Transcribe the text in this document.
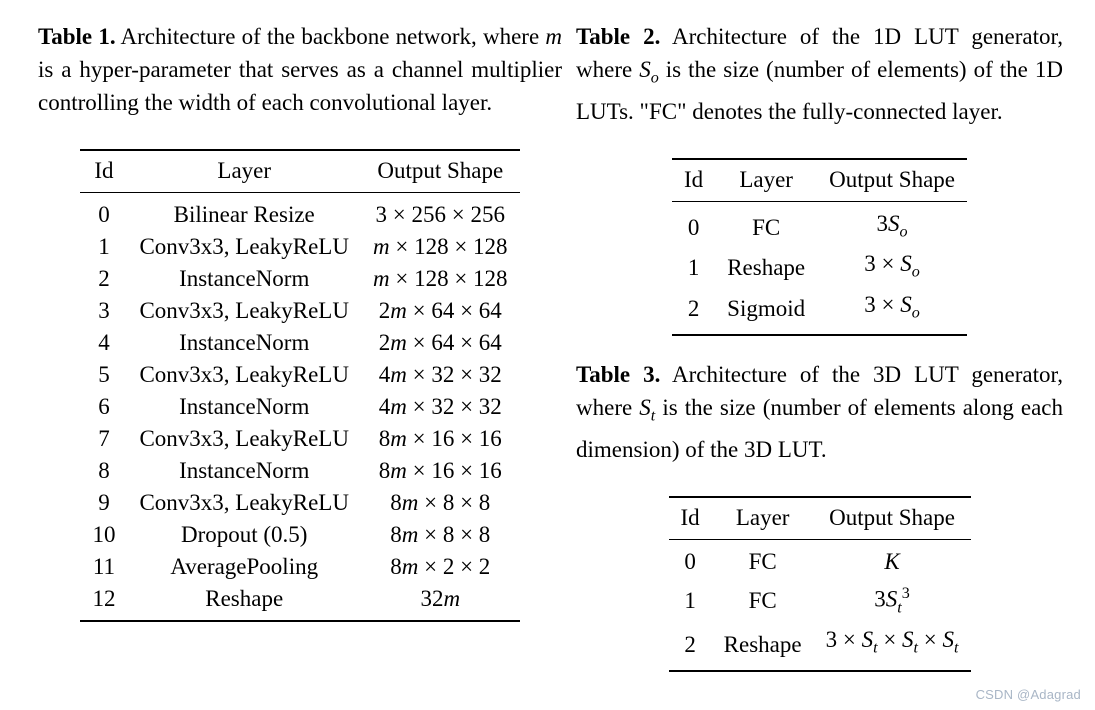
Table 1. Architecture of the backbone network, where m is a hyper-parameter that serves as a channel multiplier controlling the width of each convolutional layer.

Id	Layer	Output Shape
0	Bilinear Resize	3 × 256 × 256
1	Conv3x3, LeakyReLU	m × 128 × 128
2	InstanceNorm	m × 128 × 128
3	Conv3x3, LeakyReLU	2m × 64 × 64
4	InstanceNorm	2m × 64 × 64
5	Conv3x3, LeakyReLU	4m × 32 × 32
6	InstanceNorm	4m × 32 × 32
7	Conv3x3, LeakyReLU	8m × 16 × 16
8	InstanceNorm	8m × 16 × 16
9	Conv3x3, LeakyReLU	8m × 8 × 8
10	Dropout (0.5)	8m × 8 × 8
11	AveragePooling	8m × 2 × 2
12	Reshape	32m

Table 2. Architecture of the 1D LUT generator, where $S_o$ is the size (number of elements) of the 1D LUTs. "FC" denotes the fully-connected layer.

Id	Layer	Output Shape
0	FC	$3S_o$
1	Reshape	$3 \times S_o$
2	Sigmoid	$3 \times S_o$

Table 3. Architecture of the 3D LUT generator, where $S_t$ is the size (number of elements along each dimension) of the 3D LUT.

Id	Layer	Output Shape
0	FC	K
1	FC	$3S_t^3$
2	Reshape	$3 \times S_t \times S_t \times S_t$
CSDN @Adagrad
